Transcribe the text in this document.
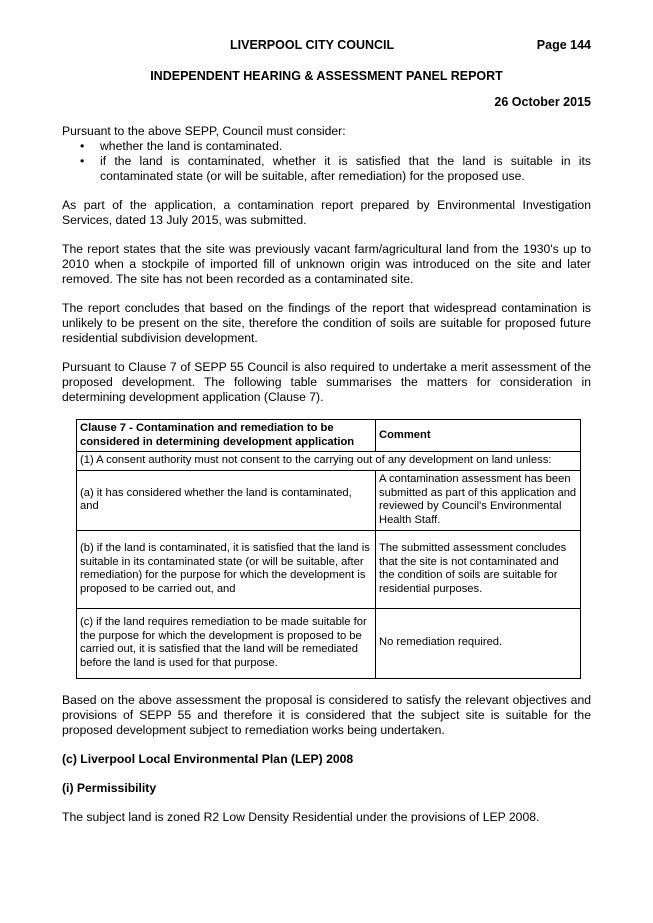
LIVERPOOL CITY COUNCIL	Page 144
INDEPENDENT HEARING & ASSESSMENT PANEL REPORT
26 October 2015

Pursuant to the above SEPP, Council must consider:

• whether the land is contaminated.
• if the land is contaminated, whether it is satisfied that the land is suitable in its contaminated state (or will be suitable, after remediation) for the proposed use.

As part of the application, a contamination report prepared by Environmental Investigation Services, dated 13 July 2015, was submitted.

The report states that the site was previously vacant farm/agricultural land from the 1930's up to 2010 when a stockpile of imported fill of unknown origin was introduced on the site and later removed. The site has not been recorded as a contaminated site.

The report concludes that based on the findings of the report that widespread contamination is unlikely to be present on the site, therefore the condition of soils are suitable for proposed future residential subdivision development.

Pursuant to Clause 7 of SEPP 55 Council is also required to undertake a merit assessment of the proposed development. The following table summarises the matters for consideration in determining development application (Clause 7).

Clause 7 - Contamination and remediation to be considered in determining development application	Comment
(1) A consent authority must not consent to the carrying out of any development on land unless:	
(a) it has considered whether the land is contaminated, and	A contamination assessment has been submitted as part of this application and reviewed by Council's Environmental Health Staff.
(b) if the land is contaminated, it is satisfied that the land is suitable in its contaminated state (or will be suitable, after remediation) for the purpose for which the development is proposed to be carried out, and	The submitted assessment concludes that the site is not contaminated and the condition of soils are suitable for residential purposes.
(c) if the land requires remediation to be made suitable for the purpose for which the development is proposed to be carried out, it is satisfied that the land will be remediated before the land is used for that purpose.	No remediation required.

Based on the above assessment the proposal is considered to satisfy the relevant objectives and provisions of SEPP 55 and therefore it is considered that the subject site is suitable for the proposed development subject to remediation works being undertaken.

(c) Liverpool Local Environmental Plan (LEP) 2008
(i) Permissibility

The subject land is zoned R2 Low Density Residential under the provisions of LEP 2008.
